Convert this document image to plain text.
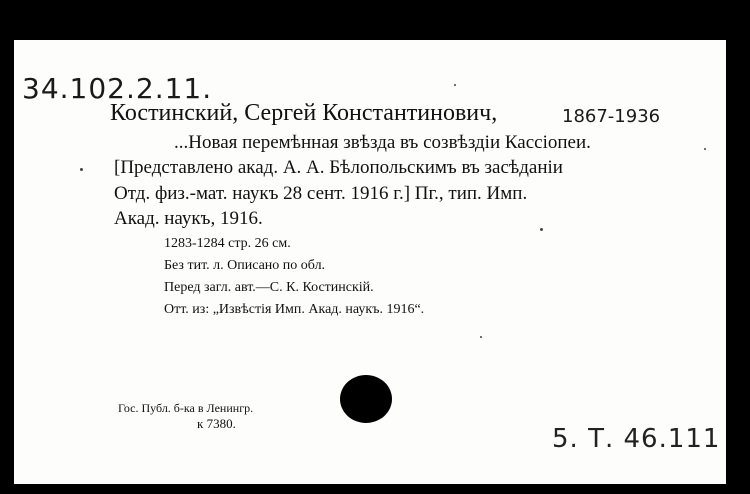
34.102.2.11.
Костинский, Сергей Константинович,	1867-1936
...Новая перемѣнная звѣзда въ созвѣздіи Кассіопеи.
[Представлено акад. А. А. Бѣлопольскимъ въ засѣданіи
Отд. физ.-мат. наукъ 28 сент. 1916 г.] Пг., тип. Имп.
Акад. наукъ, 1916.
1283-1284 стр. 26 см.
Без тит. л. Описано по обл.
Перед загл. авт.—С. К. Костинскій.
Отт. из: „Извѣстія Имп. Акад. наукъ. 1916“.
Гос. Публ. б-ка в Ленингр.
к 7380.
5. Т. 46.111
